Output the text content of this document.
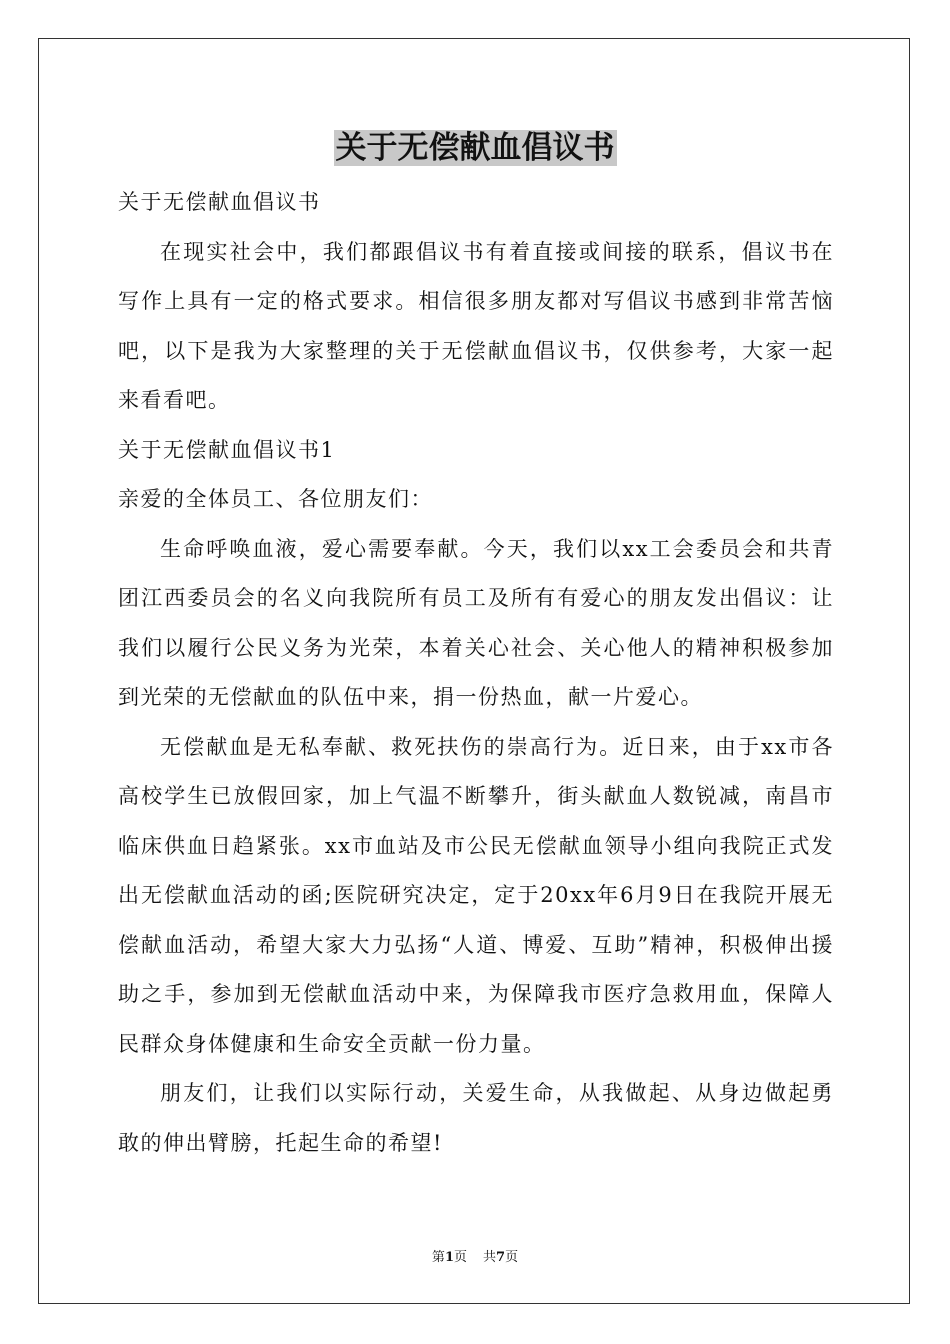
关于无偿献血倡议书

关于无偿献血倡议书

在现实社会中，我们都跟倡议书有着直接或间接的联系，倡议书在写作上具有一定的格式要求。相信很多朋友都对写倡议书感到非常苦恼吧，以下是我为大家整理的关于无偿献血倡议书，仅供参考，大家一起来看看吧。

关于无偿献血倡议书1

亲爱的全体员工、各位朋友们：

生命呼唤血液，爱心需要奉献。今天，我们以xx工会委员会和共青团江西委员会的名义向我院所有员工及所有有爱心的朋友发出倡议：让我们以履行公民义务为光荣，本着关心社会、关心他人的精神积极参加到光荣的无偿献血的队伍中来，捐一份热血，献一片爱心。

无偿献血是无私奉献、救死扶伤的崇高行为。近日来，由于xx市各高校学生已放假回家，加上气温不断攀升，街头献血人数锐减，南昌市临床供血日趋紧张。xx市血站及市公民无偿献血领导小组向我院正式发出无偿献血活动的函;医院研究决定，定于20xx年6月9日在我院开展无偿献血活动，希望大家大力弘扬“人道、博爱、互助”精神，积极伸出援助之手，参加到无偿献血活动中来，为保障我市医疗急救用血，保障人民群众身体健康和生命安全贡献一份力量。

朋友们，让我们以实际行动，关爱生命，从我做起、从身边做起勇敢的伸出臂膀，托起生命的希望!

第1页 共7页
